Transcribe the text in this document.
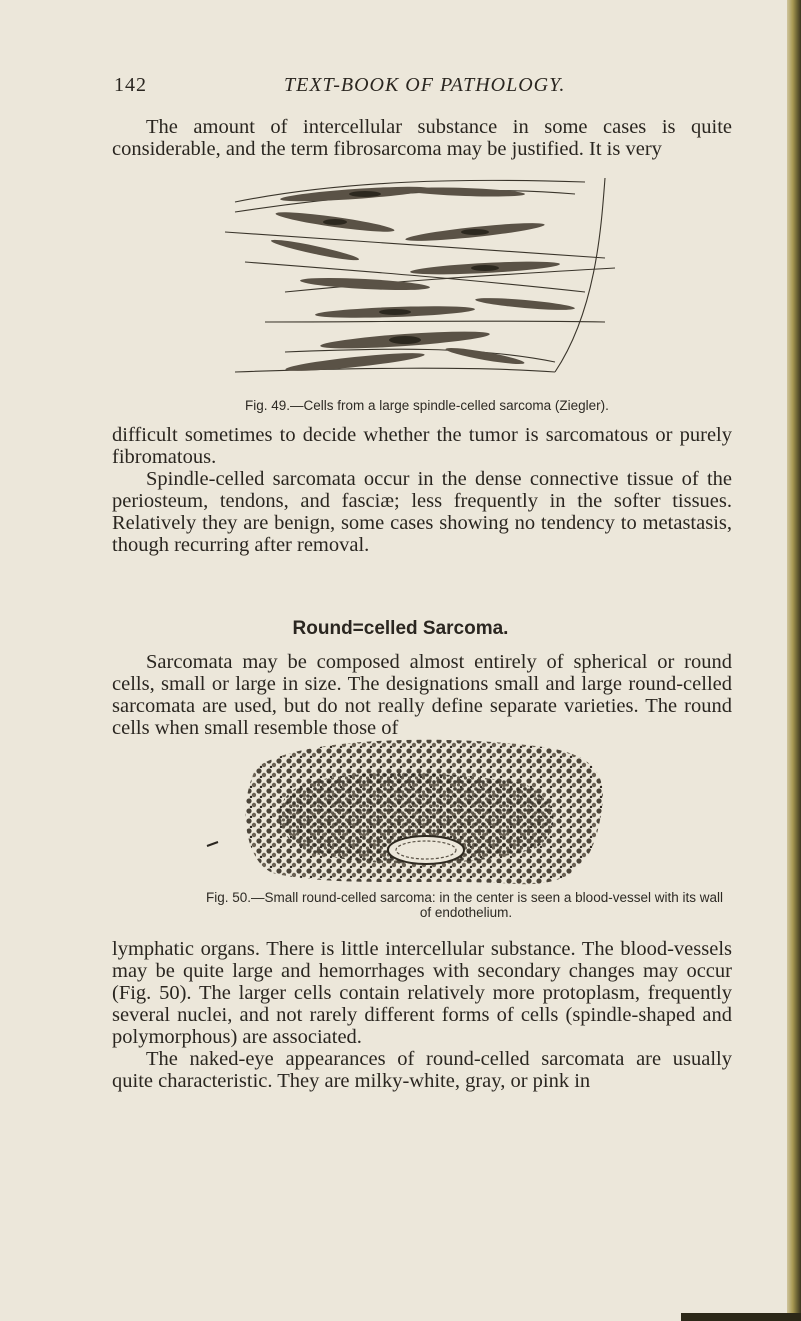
142	TEXT-BOOK OF PATHOLOGY.

The amount of intercellular substance in some cases is quite considerable, and the term fibrosarcoma may be justified. It is very

Fig. 49.—Cells from a large spindle-celled sarcoma (Ziegler).

difficult sometimes to decide whether the tumor is sarcomatous or purely fibromatous.

Spindle-celled sarcomata occur in the dense connective tissue of the periosteum, tendons, and fasciæ; less frequently in the softer tissues. Relatively they are benign, some cases showing no tendency to metastasis, though recurring after removal.

Round=celled Sarcoma.

Sarcomata may be composed almost entirely of spherical or round cells, small or large in size. The designations small and large round-celled sarcomata are used, but do not really define separate varieties. The round cells when small resemble those of

Fig. 50.—Small round-celled sarcoma: in the center is seen a blood-vessel with its wall
of endothelium.

lymphatic organs. There is little intercellular substance. The blood-vessels may be quite large and hemorrhages with secondary changes may occur (Fig. 50). The larger cells contain relatively more protoplasm, frequently several nuclei, and not rarely different forms of cells (spindle-shaped and polymorphous) are associated.

The naked-eye appearances of round-celled sarcomata are usually quite characteristic. They are milky-white, gray, or pink in
